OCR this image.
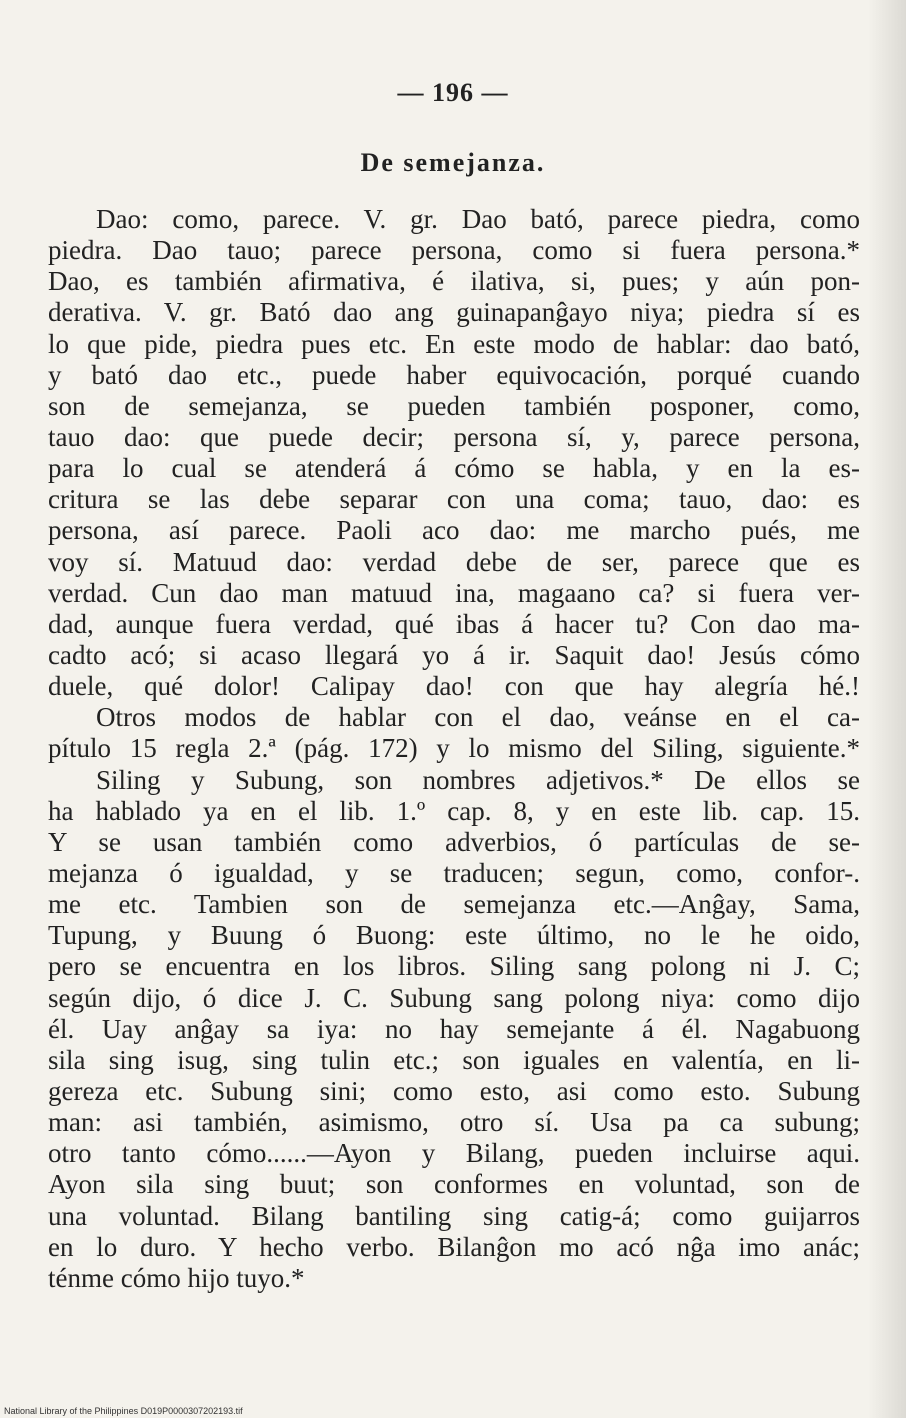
— 196 —
De semejanza.
Dao: como, parece. V. gr. Dao bató, parece piedra, como
piedra. Dao tauo; parece persona, como si fuera persona.*
Dao, es también afirmativa, é ilativa, si, pues; y aún pon-
derativa. V. gr. Bató dao ang guinapanĝayo niya; piedra sí es
lo que pide, piedra pues etc. En este modo de hablar: dao bató,
y bató dao etc., puede haber equivocación, porqué cuando
son de semejanza, se pueden también posponer, como,
tauo dao: que puede decir; persona sí, y, parece persona,
para lo cual se atenderá á cómo se habla, y en la es-
critura se las debe separar con una coma; tauo, dao: es
persona, así parece. Paoli aco dao: me marcho pués, me
voy sí. Matuud dao: verdad debe de ser, parece que es
verdad. Cun dao man matuud ina, magaano ca? si fuera ver-
dad, aunque fuera verdad, qué ibas á hacer tu? Con dao ma-
cadto acó; si acaso llegará yo á ir. Saquit dao! Jesús cómo
duele, qué dolor! Calipay dao! con que hay alegría hé.!
Otros modos de hablar con el dao, veánse en el ca-
pítulo 15 regla 2.ª (pág. 172) y lo mismo del Siling, siguiente.*
Siling y Subung, son nombres adjetivos.* De ellos se
ha hablado ya en el lib. 1.º cap. 8, y en este lib. cap. 15.
Y se usan también como adverbios, ó partículas de se-
mejanza ó igualdad, y se traducen; segun, como, confor-.
me etc. Tambien son de semejanza etc.—Anĝay, Sama,
Tupung, y Buung ó Buong: este último, no le he oido,
pero se encuentra en los libros. Siling sang polong ni J. C;
según dijo, ó dice J. C. Subung sang polong niya: como dijo
él. Uay anĝay sa iya: no hay semejante á él. Nagabuong
sila sing isug, sing tulin etc.; son iguales en valentía, en li-
gereza etc. Subung sini; como esto, asi como esto. Subung
man: asi también, asimismo, otro sí. Usa pa ca subung;
otro tanto cómo......—Ayon y Bilang, pueden incluirse aqui.
Ayon sila sing buut; son conformes en voluntad, son de
una voluntad. Bilang bantiling sing catig-á; como guijarros
en lo duro. Y hecho verbo. Bilanĝon mo acó nĝa imo anác;
ténme cómo hijo tuyo.*
National Library of the Philippines D019P0000307202193.tif
